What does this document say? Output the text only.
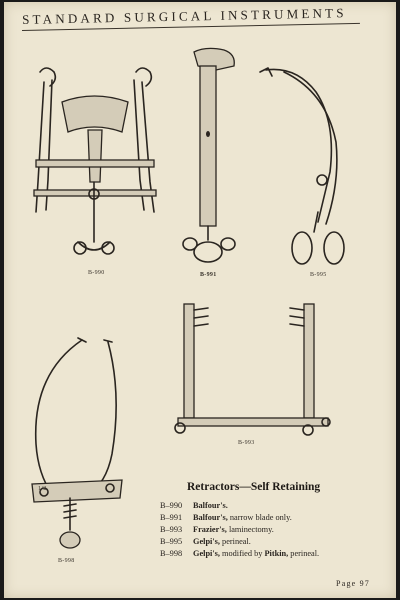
STANDARD SURGICAL INSTRUMENTS
B-990	B-991	B-995
B-993
1/2
B-998
Retractors—Self Retaining
B–990	Balfour's.
B–991	Balfour's, narrow blade only.
B–993	Frazier's, laminectomy.
B–995	Gelpi's, perineal.
B–998	Gelpi's, modified by Pitkin, perineal.
Page 97
